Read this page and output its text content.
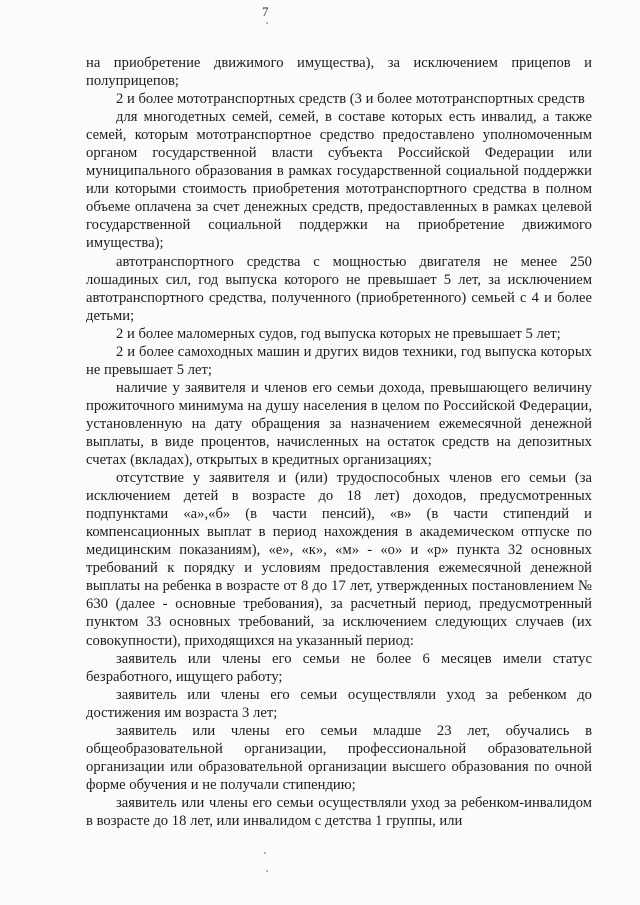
7

на приобретение движимого имущества), за исключением прицепов и полуприцепов;

2 и более мототранспортных средств (3 и более мототранспортных средств

для многодетных семей, семей, в составе которых есть инвалид, а также семей, которым мототранспортное средство предоставлено уполномоченным органом государственной власти субъекта Российской Федерации или муниципального образования в рамках государственной социальной поддержки или которыми стоимость приобретения мототранспортного средства в полном объеме оплачена за счет денежных средств, предоставленных в рамках целевой государственной социальной поддержки на приобретение движимого имущества);

автотранспортного средства с мощностью двигателя не менее 250 лошадиных сил, год выпуска которого не превышает 5 лет, за исключением автотранспортного средства, полученного (приобретенного) семьей с 4 и более детьми;

2 и более маломерных судов, год выпуска которых не превышает 5 лет;

2 и более самоходных машин и других видов техники, год выпуска которых не превышает 5 лет;

наличие у заявителя и членов его семьи дохода, превышающего величину прожиточного минимума на душу населения в целом по Российской Федерации, установленную на дату обращения за назначением ежемесячной денежной выплаты, в виде процентов, начисленных на остаток средств на депозитных счетах (вкладах), открытых в кредитных организациях;

отсутствие у заявителя и (или) трудоспособных членов его семьи (за исключением детей в возрасте до 18 лет) доходов, предусмотренных подпунктами «а»,«б» (в части пенсий), «в» (в части стипендий и компенсационных выплат в период нахождения в академическом отпуске по медицинским показаниям), «е», «к», «м» - «о» и «р» пункта 32 основных требований к порядку и условиям предоставления ежемесячной денежной выплаты на ребенка в возрасте от 8 до 17 лет, утвержденных постановлением № 630 (далее - основные требования), за расчетный период, предусмотренный пунктом 33 основных требований, за исключением следующих случаев (их совокупности), приходящихся на указанный период:

заявитель или члены его семьи не более 6 месяцев имели статус безработного, ищущего работу;

заявитель или члены его семьи осуществляли уход за ребенком до достижения им возраста 3 лет;

заявитель или члены его семьи младше 23 лет, обучались в общеобразовательной организации, профессиональной образовательной организации или образовательной организации высшего образования по очной форме обучения и не получали стипендию;

заявитель или члены его семьи осуществляли уход за ребенком-инвалидом в возрасте до 18 лет, или инвалидом с детства 1 группы, или
